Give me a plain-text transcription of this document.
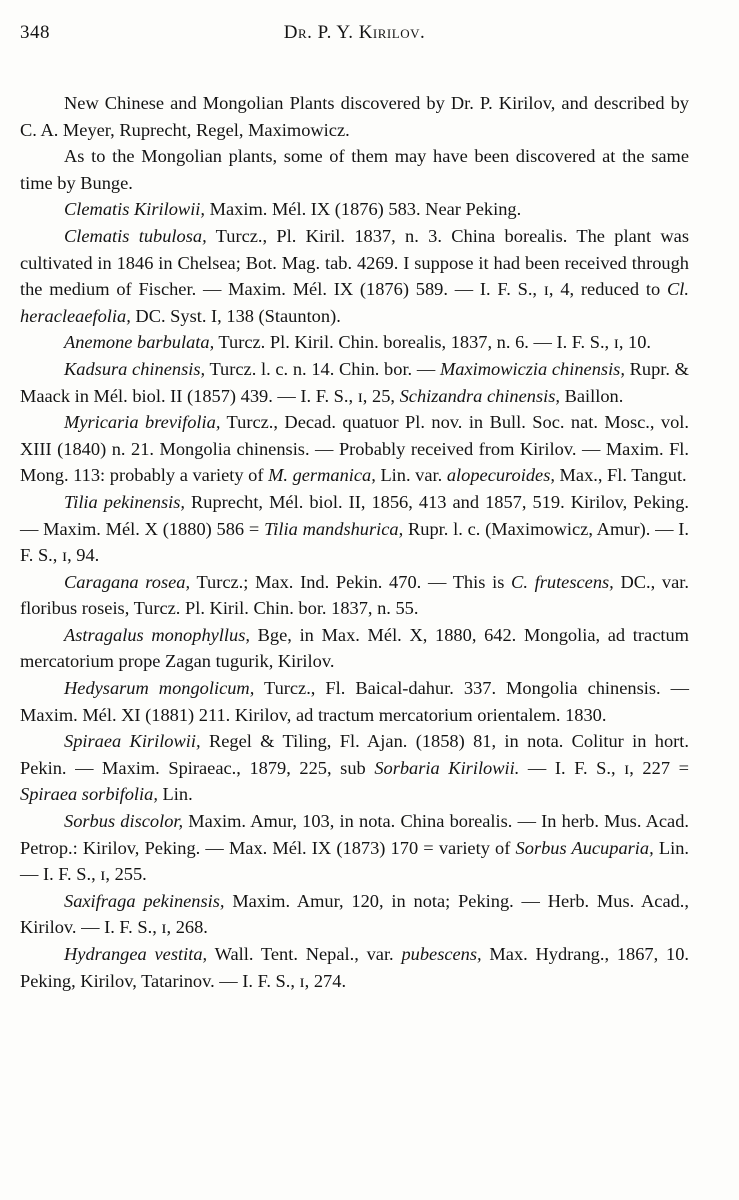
348	Dr. P. Y. Kirilov.

New Chinese and Mongolian Plants discovered by Dr. P. Kirilov, and described by C. A. Meyer, Ruprecht, Regel, Maximowicz.

As to the Mongolian plants, some of them may have been discovered at the same time by Bunge.

Clematis Kirilowii, Maxim. Mél. IX (1876) 583. Near Peking.

Clematis tubulosa, Turcz., Pl. Kiril. 1837, n. 3. China borealis. The plant was cultivated in 1846 in Chelsea; Bot. Mag. tab. 4269. I suppose it had been received through the medium of Fischer. — Maxim. Mél. IX (1876) 589. — I. F. S., ɪ, 4, reduced to Cl. heracleaefolia, DC. Syst. I, 138 (Staunton).

Anemone barbulata, Turcz. Pl. Kiril. Chin. borealis, 1837, n. 6. — I. F. S., ɪ, 10.

Kadsura chinensis, Turcz. l. c. n. 14. Chin. bor. — Maximowiczia chinensis, Rupr. & Maack in Mél. biol. II (1857) 439. — I. F. S., ɪ, 25, Schizandra chinensis, Baillon.

Myricaria brevifolia, Turcz., Decad. quatuor Pl. nov. in Bull. Soc. nat. Mosc., vol. XIII (1840) n. 21. Mongolia chinensis. — Probably received from Kirilov. — Maxim. Fl. Mong. 113: probably a variety of M. germanica, Lin. var. alopecuroides, Max., Fl. Tangut.

Tilia pekinensis, Ruprecht, Mél. biol. II, 1856, 413 and 1857, 519. Kirilov, Peking. — Maxim. Mél. X (1880) 586 = Tilia mandshurica, Rupr. l. c. (Maximowicz, Amur). — I. F. S., ɪ, 94.

Caragana rosea, Turcz.; Max. Ind. Pekin. 470. — This is C. frutescens, DC., var. floribus roseis, Turcz. Pl. Kiril. Chin. bor. 1837, n. 55.

Astragalus monophyllus, Bge, in Max. Mél. X, 1880, 642. Mongolia, ad tractum mercatorium prope Zagan tugurik, Kirilov.

Hedysarum mongolicum, Turcz., Fl. Baical-dahur. 337. Mongolia chinensis. — Maxim. Mél. XI (1881) 211. Kirilov, ad tractum mercatorium orientalem. 1830.

Spiraea Kirilowii, Regel & Tiling, Fl. Ajan. (1858) 81, in nota. Colitur in hort. Pekin. — Maxim. Spiraeac., 1879, 225, sub Sorbaria Kirilowii. — I. F. S., ɪ, 227 = Spiraea sorbifolia, Lin.

Sorbus discolor, Maxim. Amur, 103, in nota. China borealis. — In herb. Mus. Acad. Petrop.: Kirilov, Peking. — Max. Mél. IX (1873) 170 = variety of Sorbus Aucuparia, Lin. — I. F. S., ɪ, 255.

Saxifraga pekinensis, Maxim. Amur, 120, in nota; Peking. — Herb. Mus. Acad., Kirilov. — I. F. S., ɪ, 268.

Hydrangea vestita, Wall. Tent. Nepal., var. pubescens, Max. Hydrang., 1867, 10. Peking, Kirilov, Tatarinov. — I. F. S., ɪ, 274.
